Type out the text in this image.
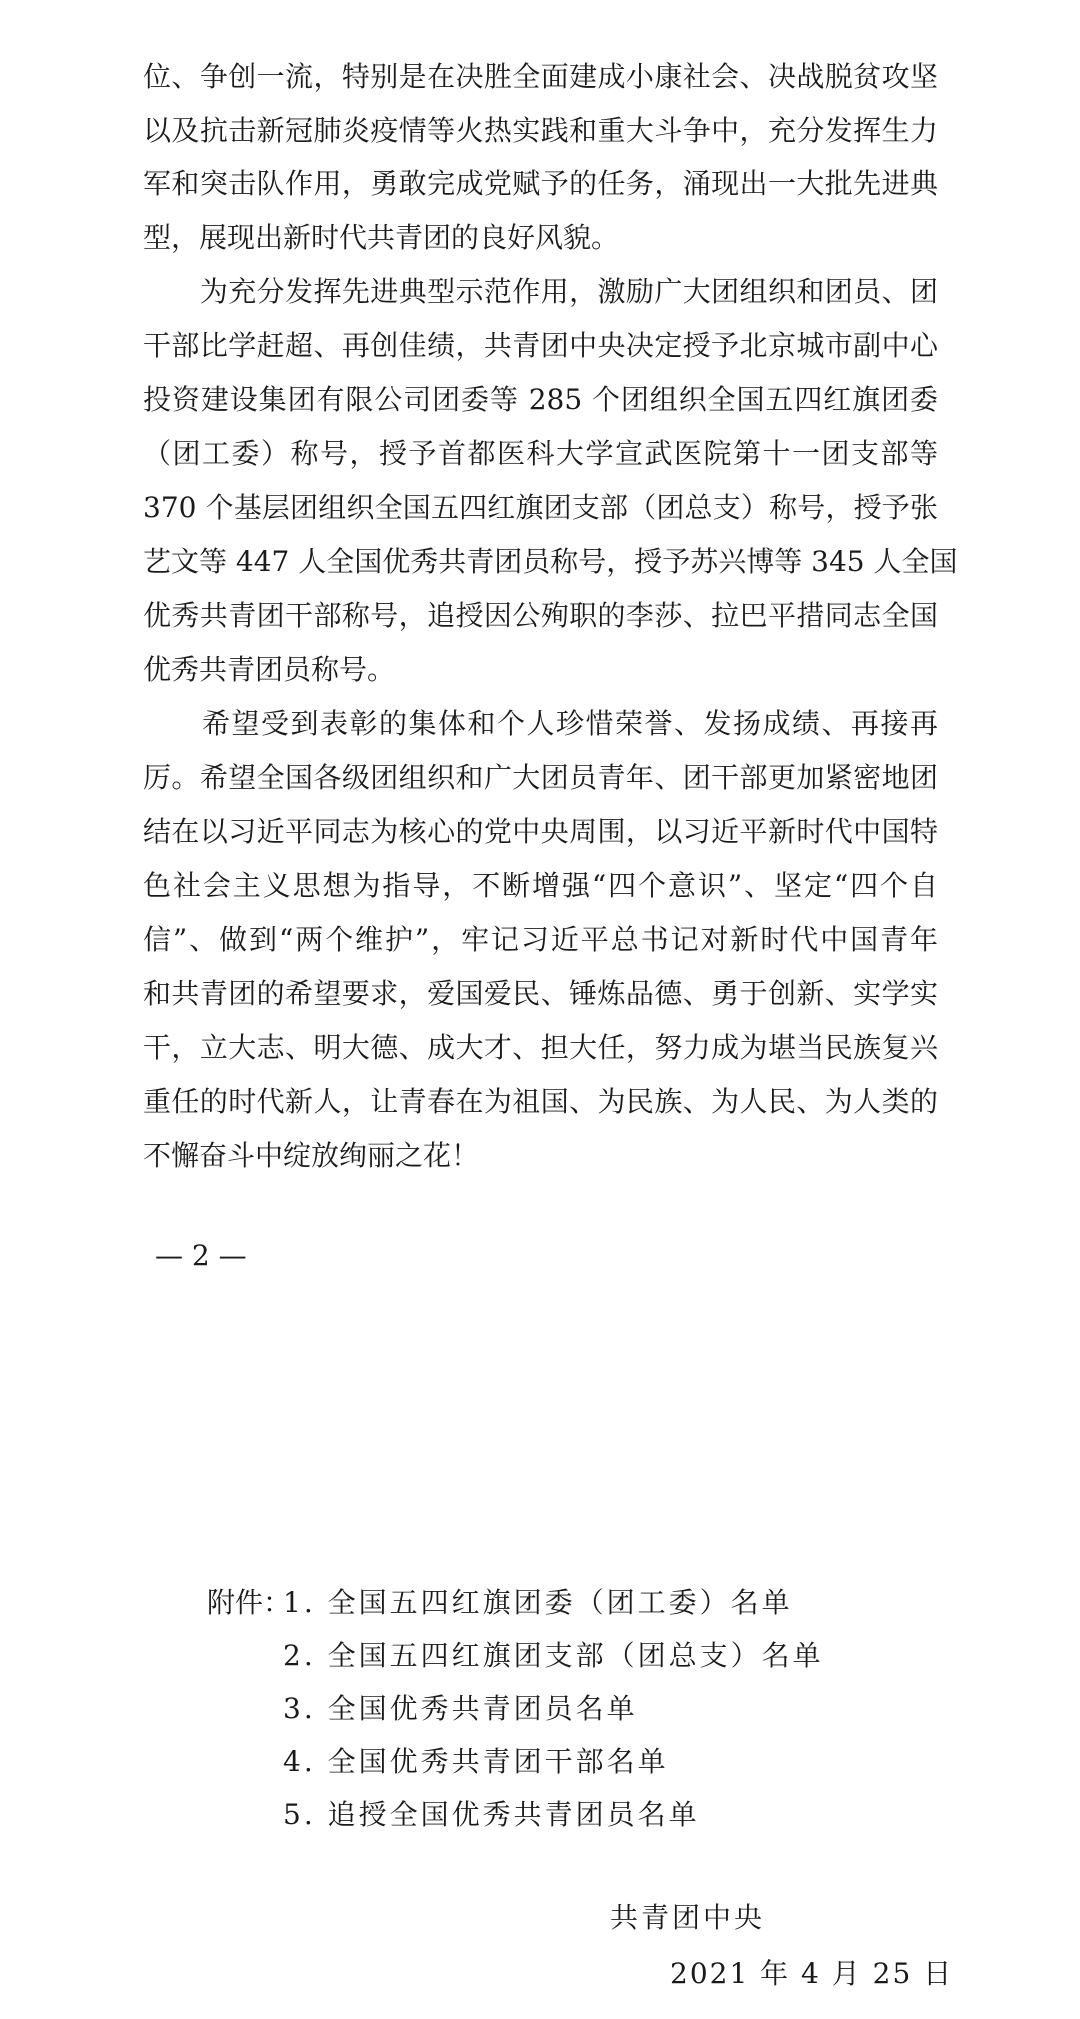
位、争创一流，特别是在决胜全面建成小康社会、决战脱贫攻坚
以及抗击新冠肺炎疫情等火热实践和重大斗争中，充分发挥生力
军和突击队作用，勇敢完成党赋予的任务，涌现出一大批先进典
型，展现出新时代共青团的良好风貌。
　　为充分发挥先进典型示范作用，激励广大团组织和团员、团
干部比学赶超、再创佳绩，共青团中央决定授予北京城市副中心
投资建设集团有限公司团委等 285 个团组织全国五四红旗团委
（团工委）称号，授予首都医科大学宣武医院第十一团支部等
370 个基层团组织全国五四红旗团支部（团总支）称号，授予张
艺文等 447 人全国优秀共青团员称号，授予苏兴博等 345 人全国
优秀共青团干部称号，追授因公殉职的李莎、拉巴平措同志全国
优秀共青团员称号。
　　希望受到表彰的集体和个人珍惜荣誉、发扬成绩、再接再
厉。希望全国各级团组织和广大团员青年、团干部更加紧密地团
结在以习近平同志为核心的党中央周围，以习近平新时代中国特
色社会主义思想为指导，不断增强“四个意识”、坚定“四个自
信”、做到“两个维护”，牢记习近平总书记对新时代中国青年
和共青团的希望要求，爱国爱民、锤炼品德、勇于创新、实学实
干，立大志、明大德、成大才、担大任，努力成为堪当民族复兴
重任的时代新人，让青春在为祖国、为民族、为人民、为人类的
不懈奋斗中绽放绚丽之花！
— 2 —
附件：
1. 全国五四红旗团委（团工委）名单
2. 全国五四红旗团支部（团总支）名单
3. 全国优秀共青团员名单
4. 全国优秀共青团干部名单
5. 追授全国优秀共青团员名单
共青团中央
2021 年 4 月 25 日
